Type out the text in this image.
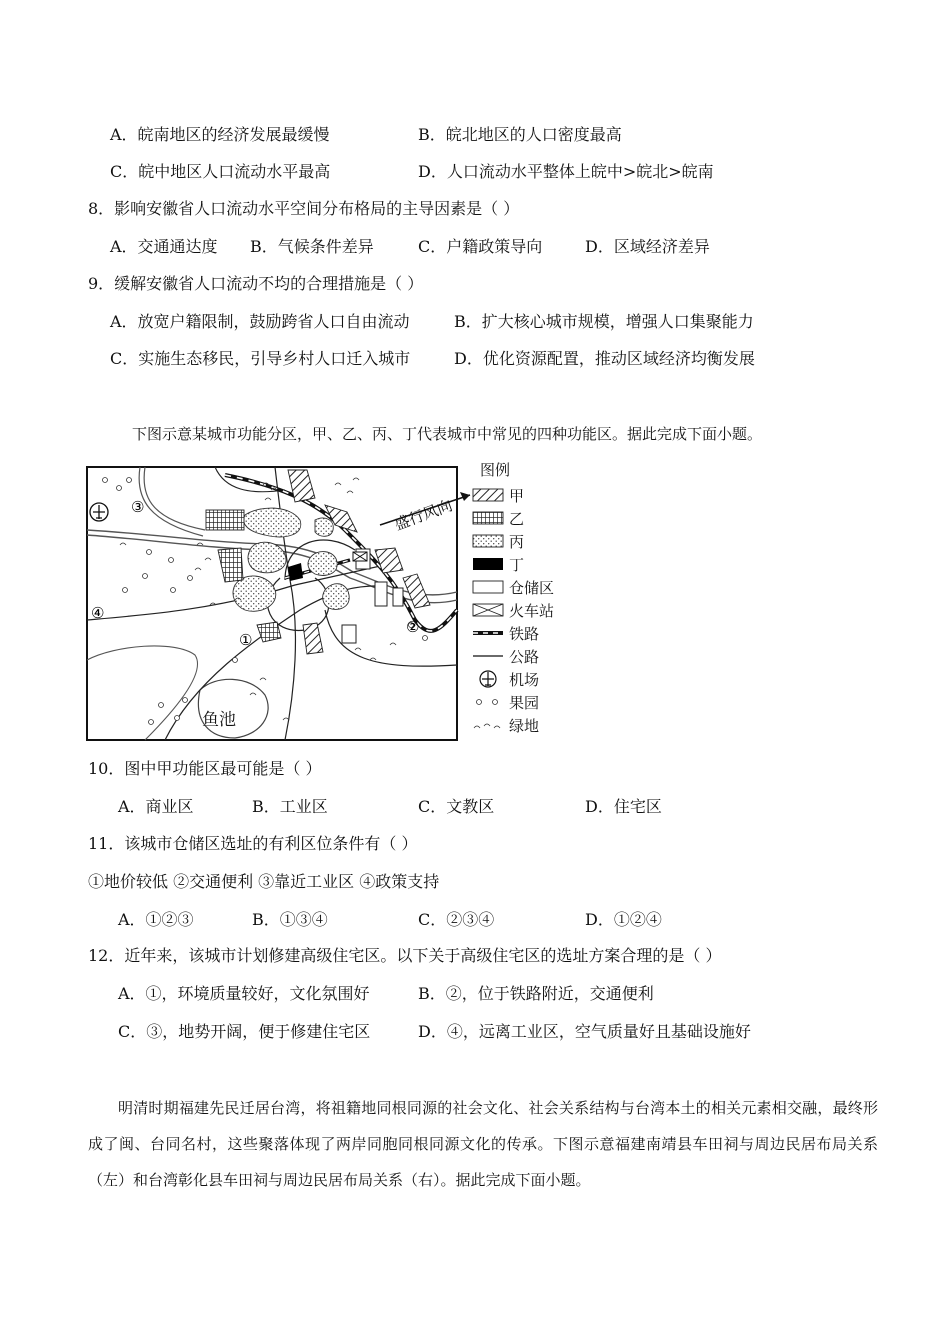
A．皖南地区的经济发展最缓慢	B．皖北地区的人口密度最高
C．皖中地区人口流动水平最高	D．人口流动水平整体上皖中>皖北>皖南
8．影响安徽省人口流动水平空间分布格局的主导因素是（ ）
A．交通通达度 B．气候条件差异	C．户籍政策导向	D．区域经济差异
9．缓解安徽省人口流动不均的合理措施是（ ）
A．放宽户籍限制，鼓励跨省人口自由流动	B．扩大核心城市规模，增强人口集聚能力
C．实施生态移民，引导乡村人口迁入城市	D．优化资源配置，推动区域经济均衡发展
下图示意某城市功能分区，甲、乙、丙、丁代表城市中常见的四种功能区。据此完成下面小题。
鱼池
盛行风向
①
②
③
④
图例
甲
乙
丙
丁
仓储区
火车站
铁路
公路
机场
果园
绿地
10．图中甲功能区最可能是（ ）
A．商业区	B．工业区	C．文教区	D．住宅区
11．该城市仓储区选址的有利区位条件有（ ）
①地价较低 ②交通便利 ③靠近工业区 ④政策支持
A．①②③	B．①③④	C．②③④	D．①②④
12．近年来，该城市计划修建高级住宅区。以下关于高级住宅区的选址方案合理的是（ ）
A．①，环境质量较好，文化氛围好	B．②，位于铁路附近，交通便利
C．③，地势开阔，便于修建住宅区	D．④，远离工业区，空气质量好且基础设施好
明清时期福建先民迁居台湾，将祖籍地同根同源的社会文化、社会关系结构与台湾本土的相关元素相交融，最终形成了闽、台同名村，这些聚落体现了两岸同胞同根同源文化的传承。下图示意福建南靖县车田祠与周边民居布局关系（左）和台湾彰化县车田祠与周边民居布局关系（右）。据此完成下面小题。
